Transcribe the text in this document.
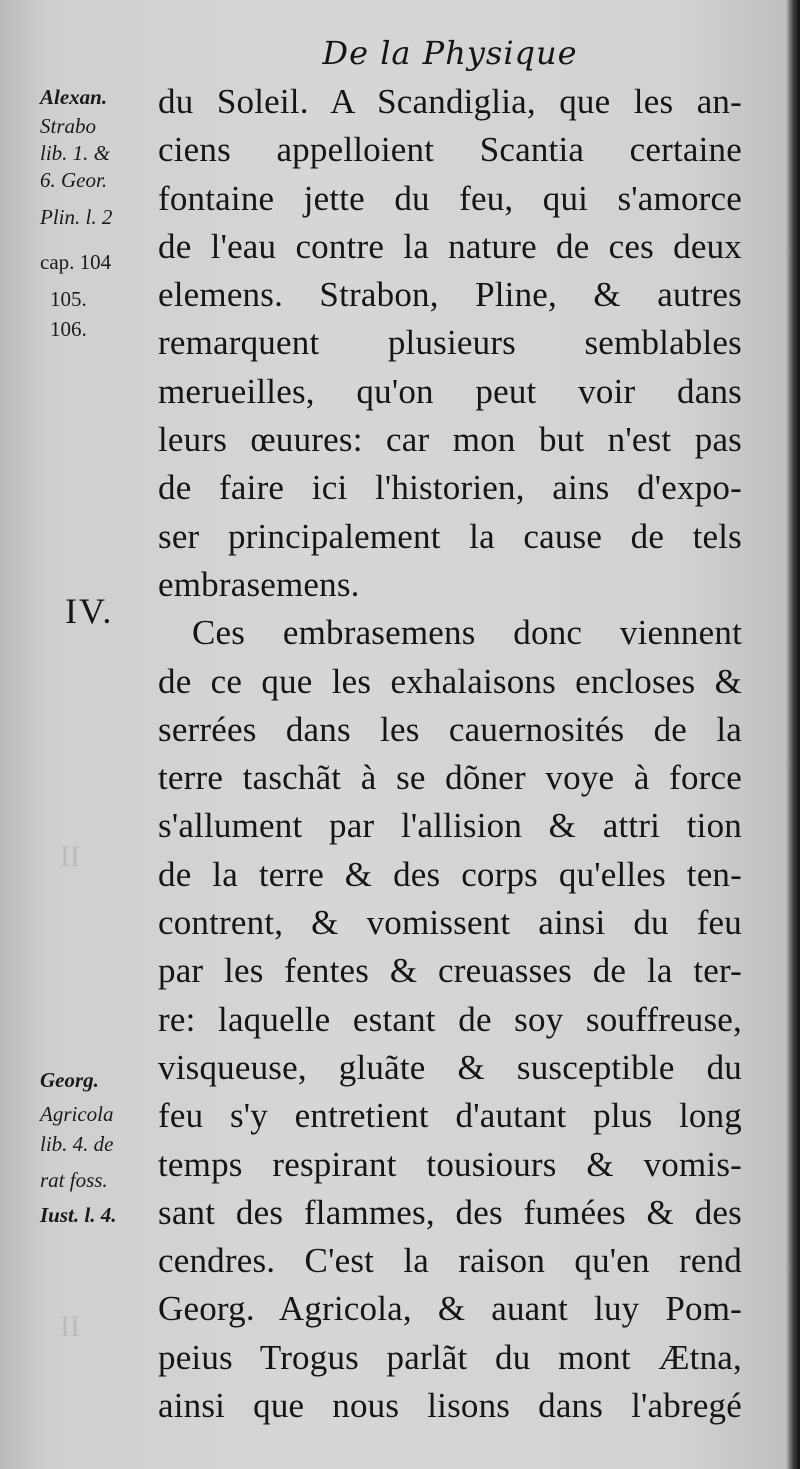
II
II
De la Physique
Alexan.
Strabo
lib. 1. &
6. Geor.
Plin. l. 2
cap. 104
105.
106.
IV.
Georg.
Agricola
lib. 4. de
rat foss.
Iust. l. 4.
du Soleil. A Scandiglia, que les an-
ciens appelloient Scantia certaine
fontaine jette du feu, qui s'amorce
de l'eau contre la nature de ces deux
elemens. Strabon, Pline, & autres
remarquent plusieurs semblables
merueilles, qu'on peut voir dans
leurs œuures: car mon but n'est pas
de faire ici l'historien, ains d'expo-
ser principalement la cause de tels
embrasemens.
Ces embrasemens donc viennent
de ce que les exhalaisons encloses &
serrées dans les cauernosités de la
terre taschãt à se dõner voye à force
s'allument par l'allision & attri tion
de la terre & des corps qu'elles ten-
contrent, & vomissent ainsi du feu
par les fentes & creuasses de la ter-
re: laquelle estant de soy souffreuse,
visqueuse, gluãte & susceptible du
feu s'y entretient d'autant plus long
temps respirant tousiours & vomis-
sant des flammes, des fumées & des
cendres. C'est la raison qu'en rend
Georg. Agricola, & auant luy Pom-
peius Trogus parlãt du mont Ætna,
ainsi que nous lisons dans l'abregé
